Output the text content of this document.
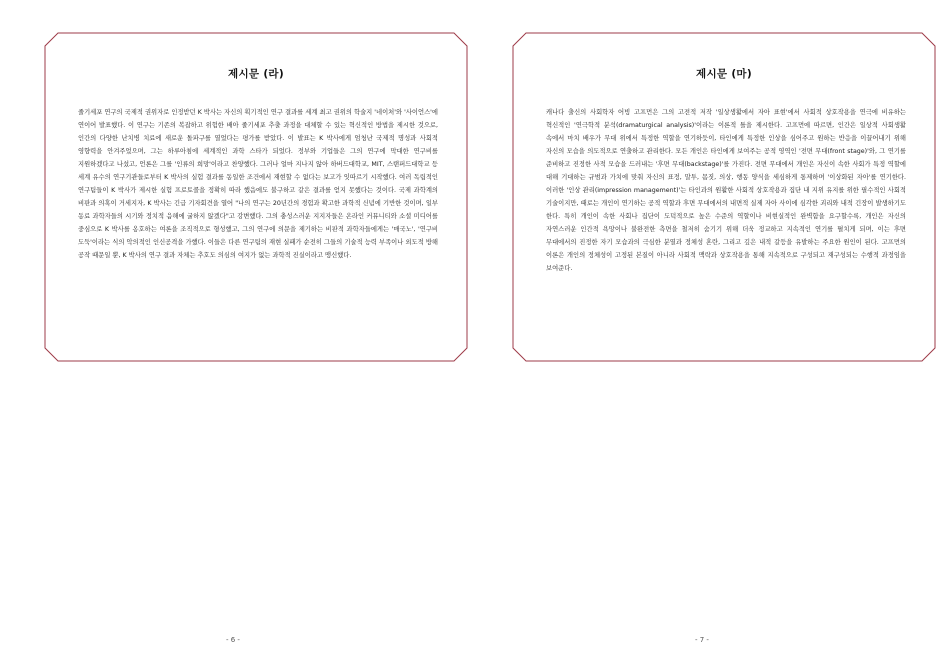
제시문 (라)
줄기세포 연구의 국제적 권위자로 인정받던 K 박사는 자신의 획기적인 연구 결과를 세계 최고 권위의 학술지 '네이처'와 '사이언스'에 연이어 발표했다. 이 연구는 기존의 복잡하고 위험한 배아 줄기세포 추출 과정을 대체할 수 있는 혁신적인 방법을 제시한 것으로, 인간의 다양한 난치병 치료에 새로운 돌파구를 열었다는 평가를 받았다. 이 발표는 K 박사에게 엄청난 국제적 명성과 사회적 영향력을 안겨주었으며, 그는 하루아침에 세계적인 과학 스타가 되었다. 정부와 기업들은 그의 연구에 막대한 연구비를 지원하겠다고 나섰고, 언론은 그를 '인류의 희망'이라고 찬양했다. 그러나 얼마 지나지 않아 하버드대학교, MIT, 스탠퍼드대학교 등 세계 유수의 연구기관들로부터 K 박사의 실험 결과를 동일한 조건에서 재현할 수 없다는 보고가 잇따르기 시작했다. 여러 독립적인 연구팀들이 K 박사가 제시한 실험 프로토콜을 정확히 따라 했음에도 불구하고 같은 결과를 얻지 못했다는 것이다. 국제 과학계의 비판과 의혹이 거세지자, K 박사는 긴급 기자회견을 열어 "나의 연구는 20년간의 경험과 확고한 과학적 신념에 기반한 것이며, 일부 동료 과학자들의 시기와 정치적 음해에 굴하지 않겠다"고 강변했다. 그의 충성스러운 지지자들은 온라인 커뮤니티와 소셜 미디어를 중심으로 K 박사를 옹호하는 여론을 조직적으로 형성했고, 그의 연구에 의문을 제기하는 비판적 과학자들에게는 '매국노', '연구비 도둑'이라는 식의 악의적인 인신공격을 가했다. 이들은 다른 연구팀의 재현 실패가 순전히 그들의 기술적 능력 부족이나 외도적 방해 공작 때문일 뿐, K 박사의 연구 결과 자체는 추호도 의심의 여지가 없는 과학적 진실이라고 맹신했다.
제시문 (마)
캐나다 출신의 사회학자 어빙 고프먼은 그의 고전적 저작 '일상생활에서 자아 표현'에서 사회적 상호작용을 연극에 비유하는 혁신적인 '연극학적 분석(dramaturgical analysis)'이라는 이론적 틀을 제시한다. 고프먼에 따르면, 인간은 일상적 사회생활 속에서 마치 배우가 무대 위에서 특정한 역할을 연기하듯이, 타인에게 특정한 인상을 심어주고 원하는 반응을 이끌어내기 위해 자신의 모습을 의도적으로 연출하고 관리한다. 모든 개인은 타인에게 보여주는 공적 영역인 '전면 무대(front stage)'와, 그 연기를 준비하고 진정한 사적 모습을 드러내는 '후면 무대(backstage)'를 가진다. 전면 무대에서 개인은 자신이 속한 사회가 특정 역할에 대해 기대하는 규범과 가치에 맞춰 자신의 표정, 말투, 몸짓, 의상, 행동 양식을 세심하게 통제하며 '이상화된 자아'를 연기한다. 이러한 '인상 관리(impression management)'는 타인과의 원활한 사회적 상호작용과 집단 내 지위 유지를 위한 필수적인 사회적 기술이지만, 때로는 개인이 연기하는 공적 역할과 후면 무대에서의 내면적 실제 자아 사이에 심각한 괴리와 내적 긴장이 발생하기도 한다. 특히 개인이 속한 사회나 집단이 도덕적으로 높은 수준의 역할이나 비현실적인 완벽함을 요구할수록, 개인은 자신의 자연스러운 인간적 욕망이나 불완전한 측면을 철저히 숨기기 위해 더욱 정교하고 지속적인 연기를 펼치게 되며, 이는 후면 무대에서의 진정한 자기 모습과의 극심한 분열과 정체성 혼란, 그리고 깊은 내적 갈등을 유발하는 주요한 원인이 된다. 고프먼의 이론은 개인의 정체성이 고정된 본질이 아니라 사회적 맥락과 상호작용을 통해 지속적으로 구성되고 재구성되는 수행적 과정임을 보여준다.
- 6 -	- 7 -
